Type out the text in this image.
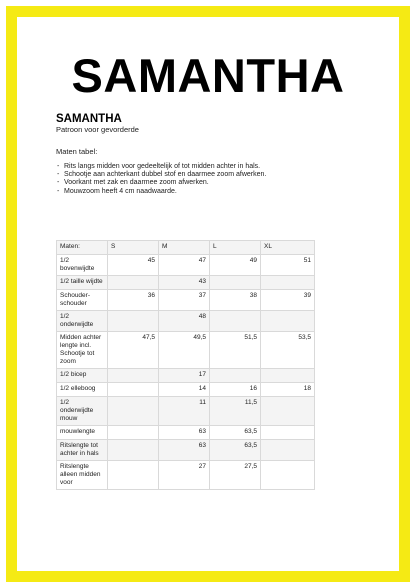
SAMANTHA
SAMANTHA
Patroon voor gevorderde
Maten tabel:
- Rits langs midden voor gedeeltelijk of tot midden achter in hals.
- Schootje aan achterkant dubbel stof en daarmee zoom afwerken.
- Voorkant met zak en daarmee zoom afwerken.
- Mouwzoom heeft 4 cm naadwaarde.
Maten:	S	M	L	XL
1/2 bovenwijdte	45	47	49	51
1/2 taille wijdte		43		
Schouder-schouder	36	37	38	39
1/2 onderwijdte		48		
Midden achter lengte incl. Schootje tot zoom	47,5	49,5	51,5	53,5
1/2 bicep		17		
1/2 elleboog		14	16	18
1/2 onderwijdte mouw		11	11,5	
mouwlengte		63	63,5	
Ritslengte tot achter in hals		63	63,5	
Ritslengte alleen midden voor		27	27,5	
